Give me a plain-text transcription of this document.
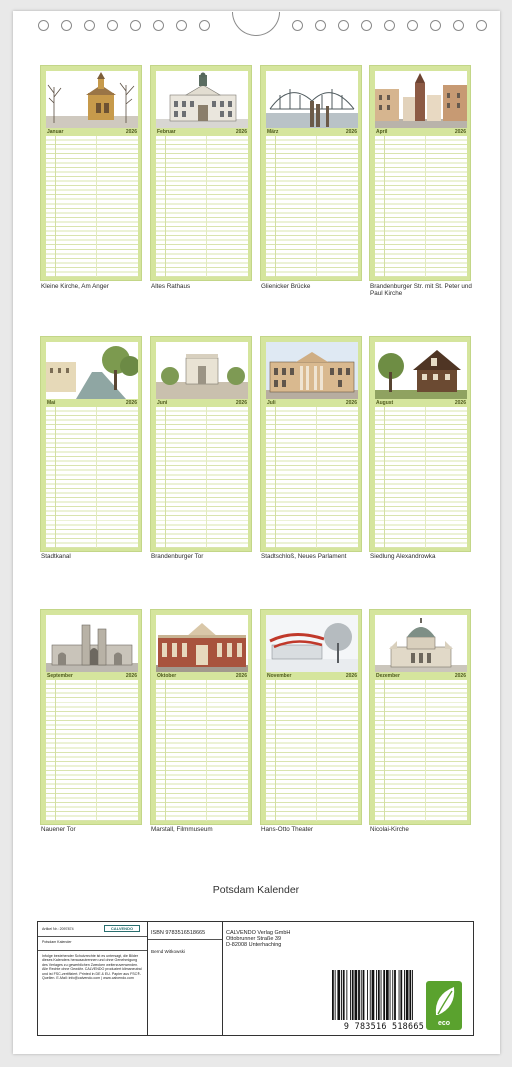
Januar	2026
Kleine Kirche, Am Anger
Februar	2026
Altes Rathaus
März	2026
Glienicker Brücke
April	2026
Brandenburger Str. mit St. Peter und Paul Kirche
Mai	2026
Stadtkanal
Juni	2026
Brandenburger Tor
Juli	2026
Stadtschloß, Neues Parlament
August	2026
Siedlung Alexandrowka
September	2026
Nauener Tor
Oktober	2026
Marstall, Filmmuseum
November	2026
Hans-Otto Theater
Dezember	2026
Nicolai-Kirche
Potsdam Kalender
Artikel Nr.: 2097874	CALVENDO
Potsdam Kalender
Infolge bestehender Schutzrechte ist es untersagt, die Bilder dieses Kalenders herauszutrennen und ohne Genehmigung des Verlages zu gewerblichen Zwecken weiterzuverwenden. Alle Rechte ohne Gewähr. CALVENDO produziert klimaneutral und ist FSC-zertifiziert. Printed in DE & EU. Papier aus FSC®-Quellen. E-Mail: info@calvendo.com | www.calvendo.com
ISBN 9783516518665
Bernd Witkowski
CALVENDO Verlag GmbH
Ottobrunner Straße 39
D-82008 Unterhaching
9 783516 518665	eco
